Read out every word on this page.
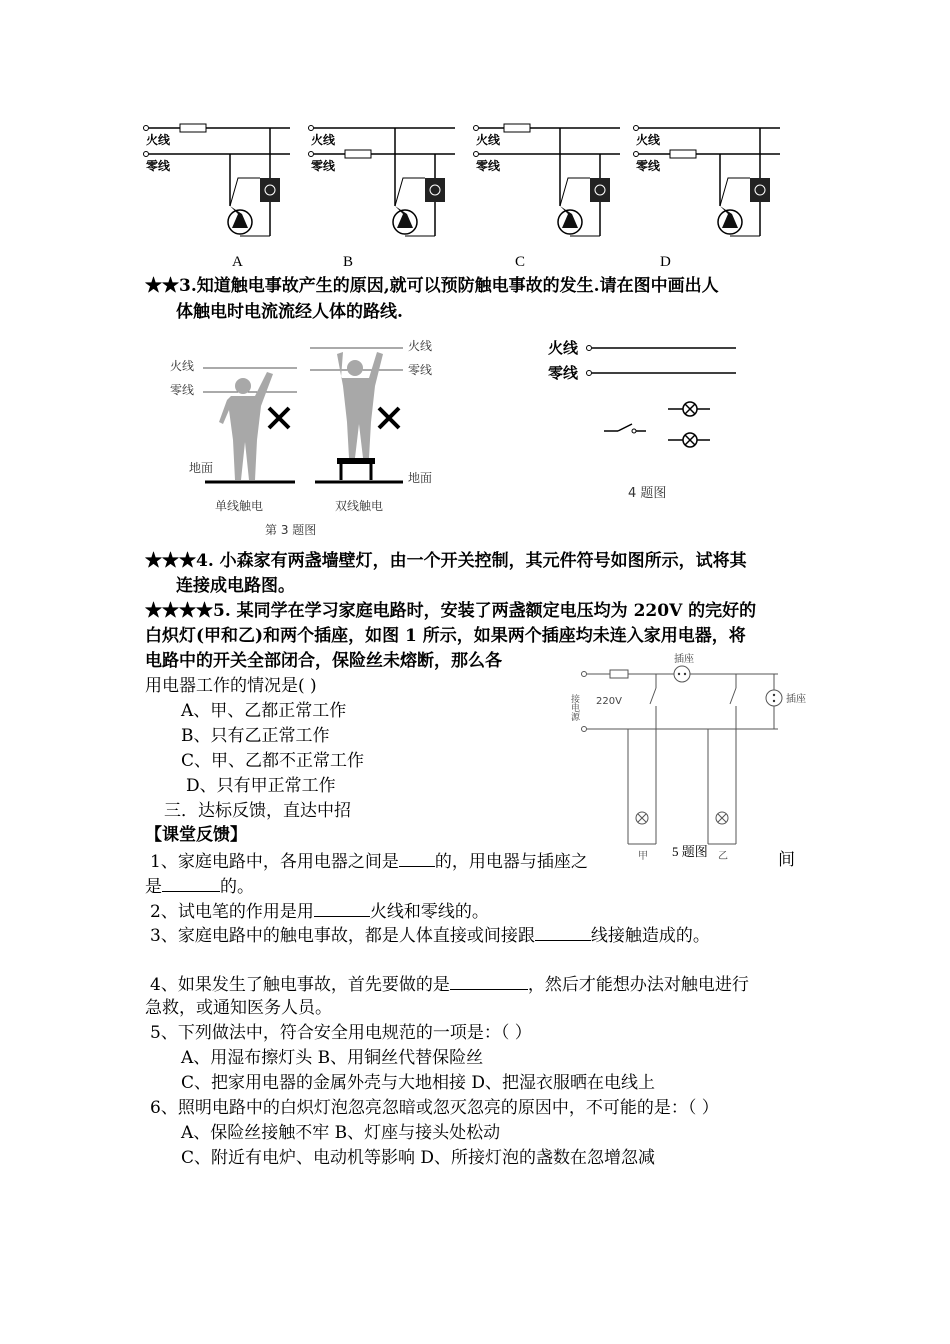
火线
零线
火线
零线
火线
零线
火线
零线
A	B	C	D
★★3.知道触电事故产生的原因,就可以预防触电事故的发生.请在图中画出人
体触电时电流流经人体的路线.
火线
零线
地面
单线触电
火线
零线
地面
双线触电
第 3 题图
火线
零线
4 题图
★★★4. 小森家有两盏墙壁灯，由一个开关控制，其元件符号如图所示，试将其
连接成电路图。
★★★★5. 某同学在学习家庭电路时，安装了两盏额定电压均为 220V 的完好的
白炽灯(甲和乙)和两个插座，如图 1 所示，如果两个插座均未连入家用电器，将
电路中的开关全部闭合，保险丝未熔断，那么各
用电器工作的情况是( )
A、甲、乙都正常工作
B、只有乙正常工作
C、甲、乙都不正常工作
D、只有甲正常工作
接电源 220V
插座
插座
甲	乙
5 题图
三．达标反馈，直达中招
【课堂反馈】
1、家庭电路中，各用电器之间是 的，用电器与插座之	间
是	的。
2、试电笔的作用是用	火线和零线的。
3、家庭电路中的触电事故，都是人体直接或间接跟	线接触造成的。
4、如果发生了触电事故，首先要做的是	，然后才能想办法对触电进行
急救，或通知医务人员。
5、下列做法中，符合安全用电规范的一项是：（ ）
A、用湿布擦灯头 B、用铜丝代替保险丝
C、把家用电器的金属外壳与大地相接 D、把湿衣服晒在电线上
6、照明电路中的白炽灯泡忽亮忽暗或忽灭忽亮的原因中，不可能的是：（ ）
A、保险丝接触不牢 B、灯座与接头处松动
C、附近有电炉、电动机等影响 D、所接灯泡的盏数在忽增忽减
